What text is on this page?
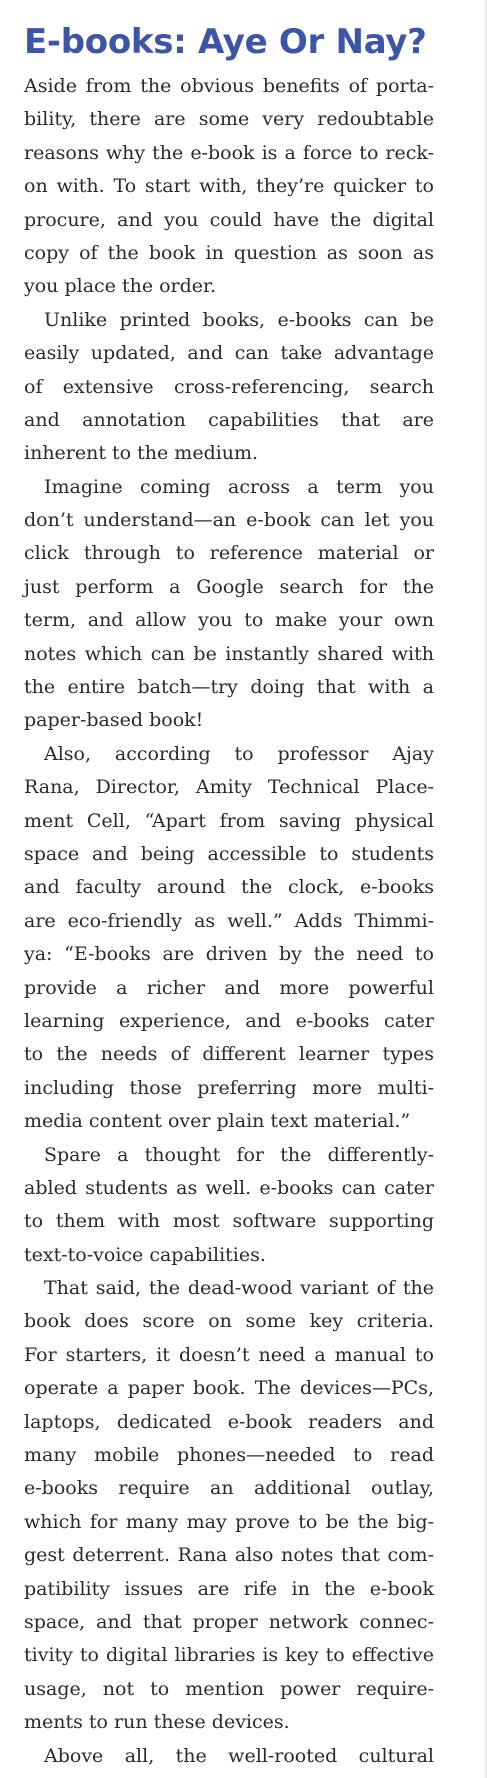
E-books: Aye Or Nay?
Aside from the obvious benefits of porta-
bility, there are some very redoubtable
reasons why the e-book is a force to reck-
on with. To start with, they’re quicker to
procure, and you could have the digital
copy of the book in question as soon as
you place the order.
Unlike printed books, e-books can be
easily updated, and can take advantage
of extensive cross-referencing, search
and annotation capabilities that are
inherent to the medium.
Imagine coming across a term you
don’t understand—an e-book can let you
click through to reference material or
just perform a Google search for the
term, and allow you to make your own
notes which can be instantly shared with
the entire batch—try doing that with a
paper-based book!
Also, according to professor Ajay
Rana, Director, Amity Technical Place-
ment Cell, “Apart from saving physical
space and being accessible to students
and faculty around the clock, e-books
are eco-friendly as well.” Adds Thimmi-
ya: “E-books are driven by the need to
provide a richer and more powerful
learning experience, and e-books cater
to the needs of different learner types
including those preferring more multi-
media content over plain text material.”
Spare a thought for the differently-
abled students as well. e-books can cater
to them with most software supporting
text-to-voice capabilities.
That said, the dead-wood variant of the
book does score on some key criteria.
For starters, it doesn’t need a manual to
operate a paper book. The devices—PCs,
laptops, dedicated e-book readers and
many mobile phones—needed to read
e-books require an additional outlay,
which for many may prove to be the big-
gest deterrent. Rana also notes that com-
patibility issues are rife in the e-book
space, and that proper network connec-
tivity to digital libraries is key to effective
usage, not to mention power require-
ments to run these devices.
Above all, the well-rooted cultural
